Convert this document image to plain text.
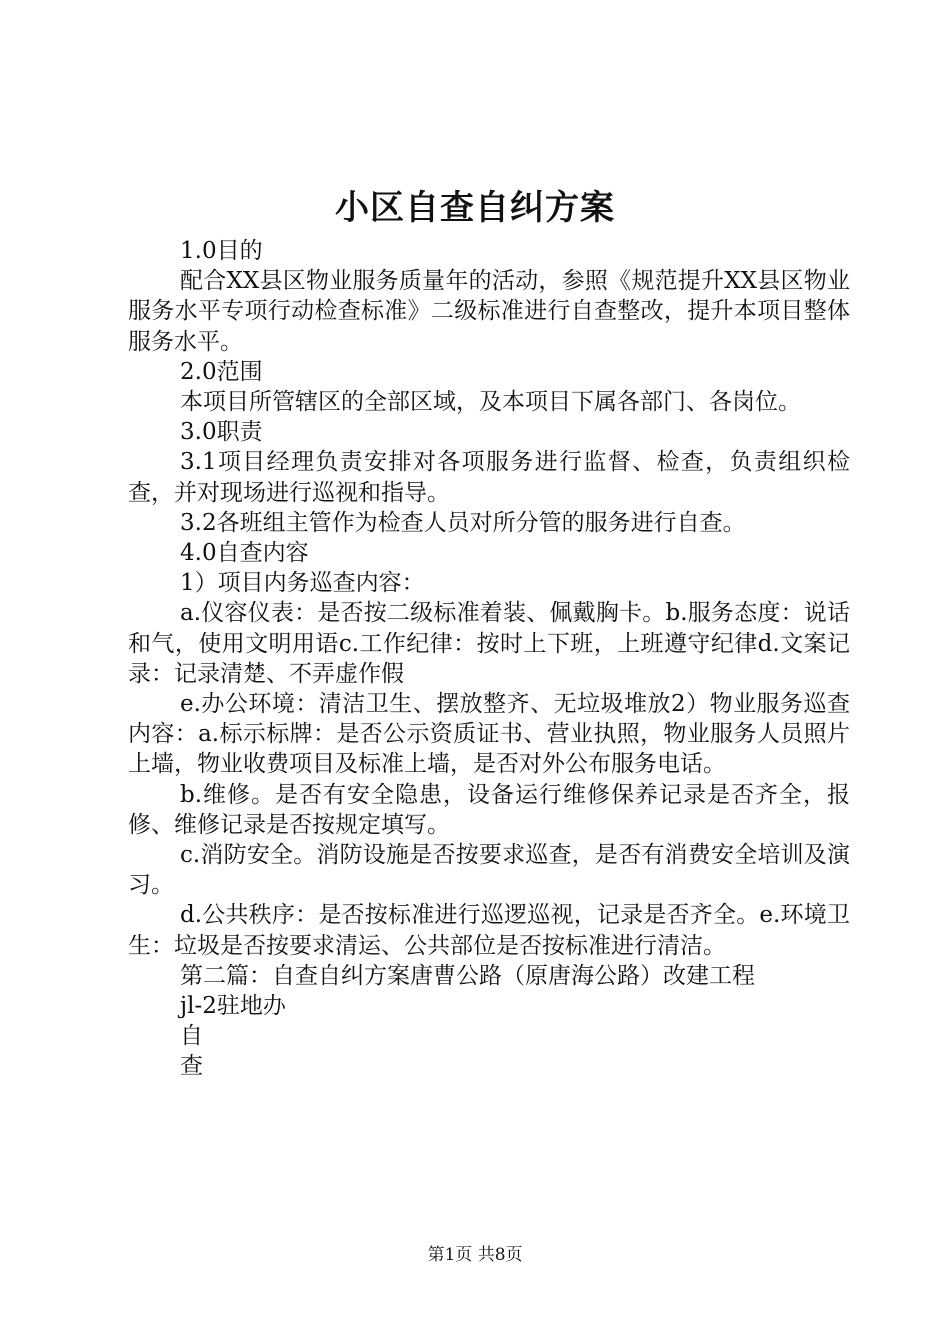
小区自查自纠方案

1.0目的

配合XX县区物业服务质量年的活动，参照《规范提升XX县区物业服务水平专项行动检查标准》二级标准进行自查整改，提升本项目整体服务水平。

2.0范围

本项目所管辖区的全部区域，及本项目下属各部门、各岗位。

3.0职责

3.1项目经理负责安排对各项服务进行监督、检查，负责组织检查，并对现场进行巡视和指导。

3.2各班组主管作为检查人员对所分管的服务进行自查。

4.0自查内容

1）项目内务巡查内容：

a.仪容仪表：是否按二级标准着装、佩戴胸卡。b.服务态度：说话和气，使用文明用语c.工作纪律：按时上下班，上班遵守纪律d.文案记录：记录清楚、不弄虚作假

e.办公环境：清洁卫生、摆放整齐、无垃圾堆放2）物业服务巡查内容：a.标示标牌：是否公示资质证书、营业执照，物业服务人员照片上墙，物业收费项目及标准上墙，是否对外公布服务电话。

b.维修。是否有安全隐患，设备运行维修保养记录是否齐全，报修、维修记录是否按规定填写。

c.消防安全。消防设施是否按要求巡查，是否有消费安全培训及演习。

d.公共秩序：是否按标准进行巡逻巡视，记录是否齐全。e.环境卫生：垃圾是否按要求清运、公共部位是否按标准进行清洁。

第二篇：自查自纠方案唐曹公路（原唐海公路）改建工程

jl-2驻地办

自

查

第1页 共8页
